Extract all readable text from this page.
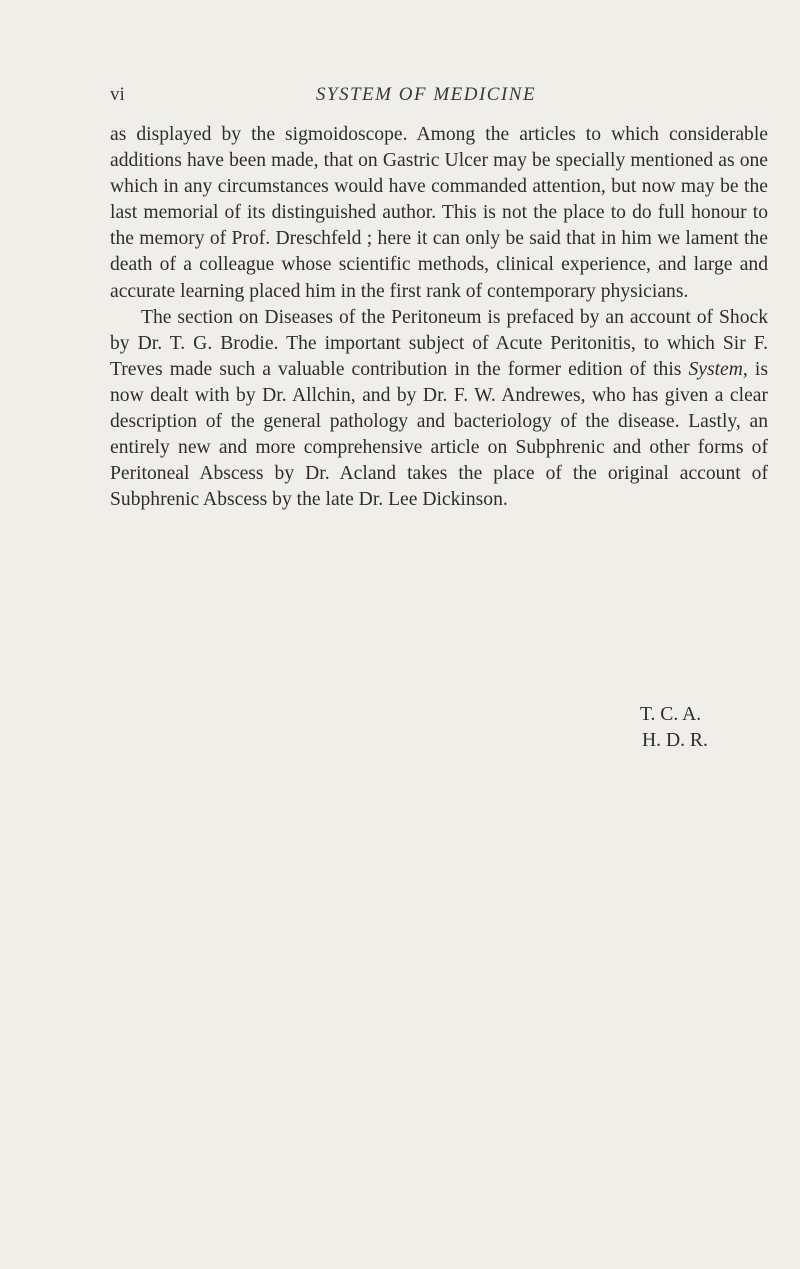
vi	SYSTEM OF MEDICINE

as displayed by the sigmoidoscope. Among the articles to which considerable additions have been made, that on Gastric Ulcer may be specially mentioned as one which in any circumstances would have commanded attention, but now may be the last memorial of its distinguished author. This is not the place to do full honour to the memory of Prof. Dreschfeld ; here it can only be said that in him we lament the death of a colleague whose scientific methods, clinical experience, and large and accurate learning placed him in the first rank of contemporary physicians.

The section on Diseases of the Peritoneum is prefaced by an account of Shock by Dr. T. G. Brodie. The important subject of Acute Peritonitis, to which Sir F. Treves made such a valuable contribution in the former edition of this System, is now dealt with by Dr. Allchin, and by Dr. F. W. Andrewes, who has given a clear description of the general pathology and bacteriology of the disease. Lastly, an entirely new and more comprehensive article on Subphrenic and other forms of Peritoneal Abscess by Dr. Acland takes the place of the original account of Subphrenic Abscess by the late Dr. Lee Dickinson.

T. C. A.
H. D. R.
